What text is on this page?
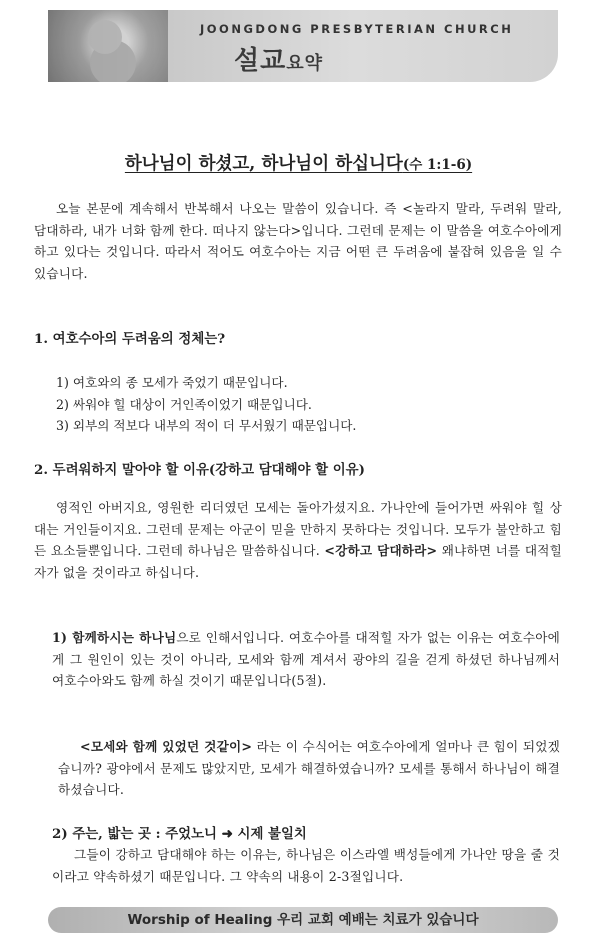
JOONGDONG PRESBYTERIAN CHURCH
설교요약
하나님이 하셨고, 하나님이 하십니다(수 1:1-6)
오늘 본문에 계속해서 반복해서 나오는 말씀이 있습니다. 즉 <놀라지 말라, 두려워 말라, 담대하라, 내가 너화 함께 한다. 떠나지 않는다>입니다. 그런데 문제는 이 말씀을 여호수아에게 하고 있다는 것입니다. 따라서 적어도 여호수아는 지금 어떤 큰 두려움에 붙잡혀 있음을 일 수 있습니다.
1. 여호수아의 두려움의 정체는?
1) 여호와의 종 모세가 죽었기 때문입니다.
2) 싸워야 힐 대상이 거인족이었기 때문입니다.
3) 외부의 적보다 내부의 적이 더 무서웠기 때문입니다.
2. 두려워하지 말아야 할 이유(강하고 담대해야 할 이유)
영적인 아버지요, 영원한 리더였던 모세는 돌아가셨지요. 가나안에 들어가면 싸워야 힐 상대는 거인들이지요. 그런데 문제는 아군이 믿을 만하지 못하다는 것입니다. 모두가 불안하고 힘든 요소들뿐입니다. 그런데 하나님은 말씀하십니다. <강하고 담대하라> 왜냐하면 너를 대적힐 자가 없을 것이라고 하십니다.
1) 함께하시는 하나님으로 인해서입니다. 여호수아를 대적힐 자가 없는 이유는 여호수아에게 그 원인이 있는 것이 아니라, 모세와 함께 계셔서 광야의 길을 걷게 하셨던 하나님께서 여호수아와도 함께 하실 것이기 때문입니다(5절).
<모세와 함께 있었던 것같이> 라는 이 수식어는 여호수아에게 얼마나 큰 힘이 되었겠습니까? 광야에서 문제도 많았지만, 모세가 해결하였습니까? 모세를 통해서 하나님이 해결하셨습니다.
2) 주는, 밟는 곳 : 주었노니 ➜ 시제 불일치
그들이 강하고 담대해야 하는 이유는, 하나님은 이스라엘 백성들에게 가나안 땅을 줄 것이라고 약속하셨기 때문입니다. 그 약속의 내용이 2-3절입니다.
Worship of Healing 우리 교회 예배는 치료가 있습니다
